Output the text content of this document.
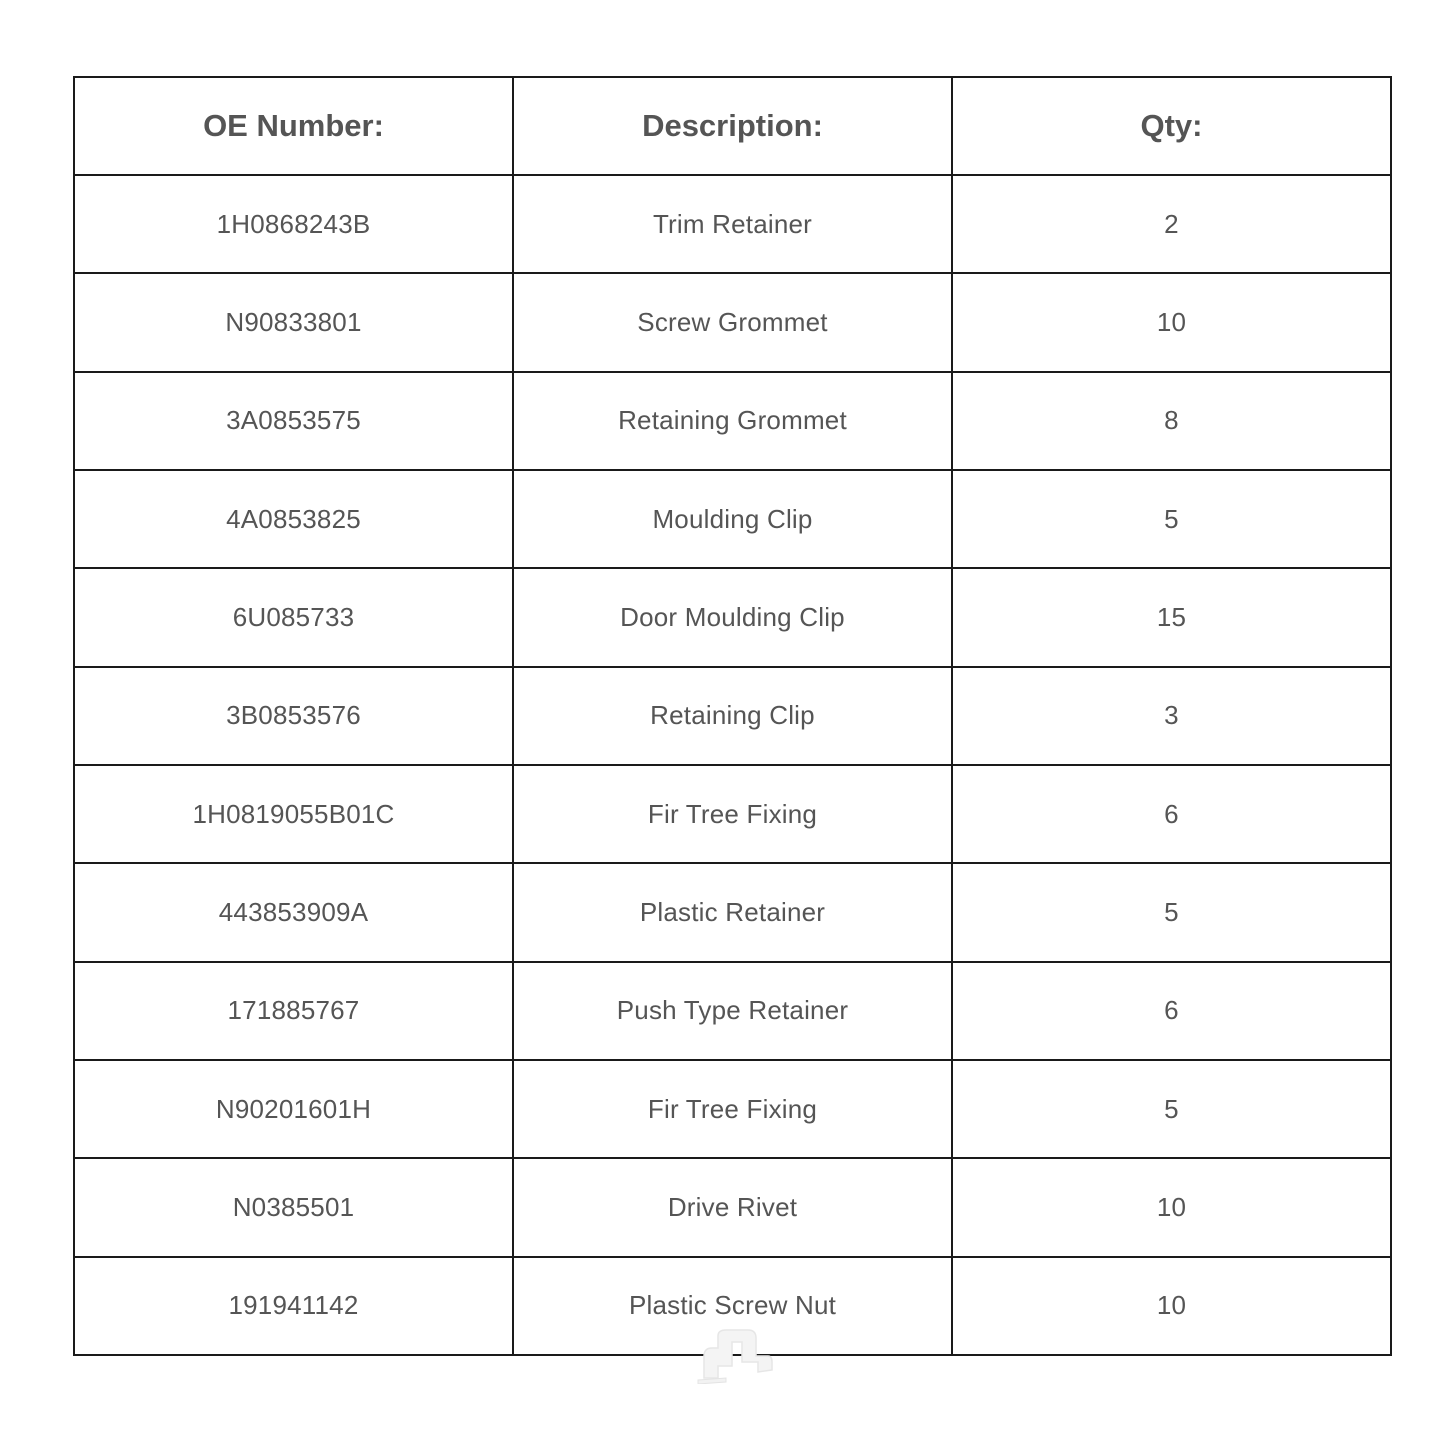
OE Number:	Description:	Qty:
1H0868243B	Trim Retainer	2
N90833801	Screw Grommet	10
3A0853575	Retaining Grommet	8
4A0853825	Moulding Clip	5
6U085733	Door Moulding Clip	15
3B0853576	Retaining Clip	3
1H0819055B01C	Fir Tree Fixing	6
443853909A	Plastic Retainer	5
171885767	Push Type Retainer	6
N90201601H	Fir Tree Fixing	5
N0385501	Drive Rivet	10
191941142	Plastic Screw Nut	10
